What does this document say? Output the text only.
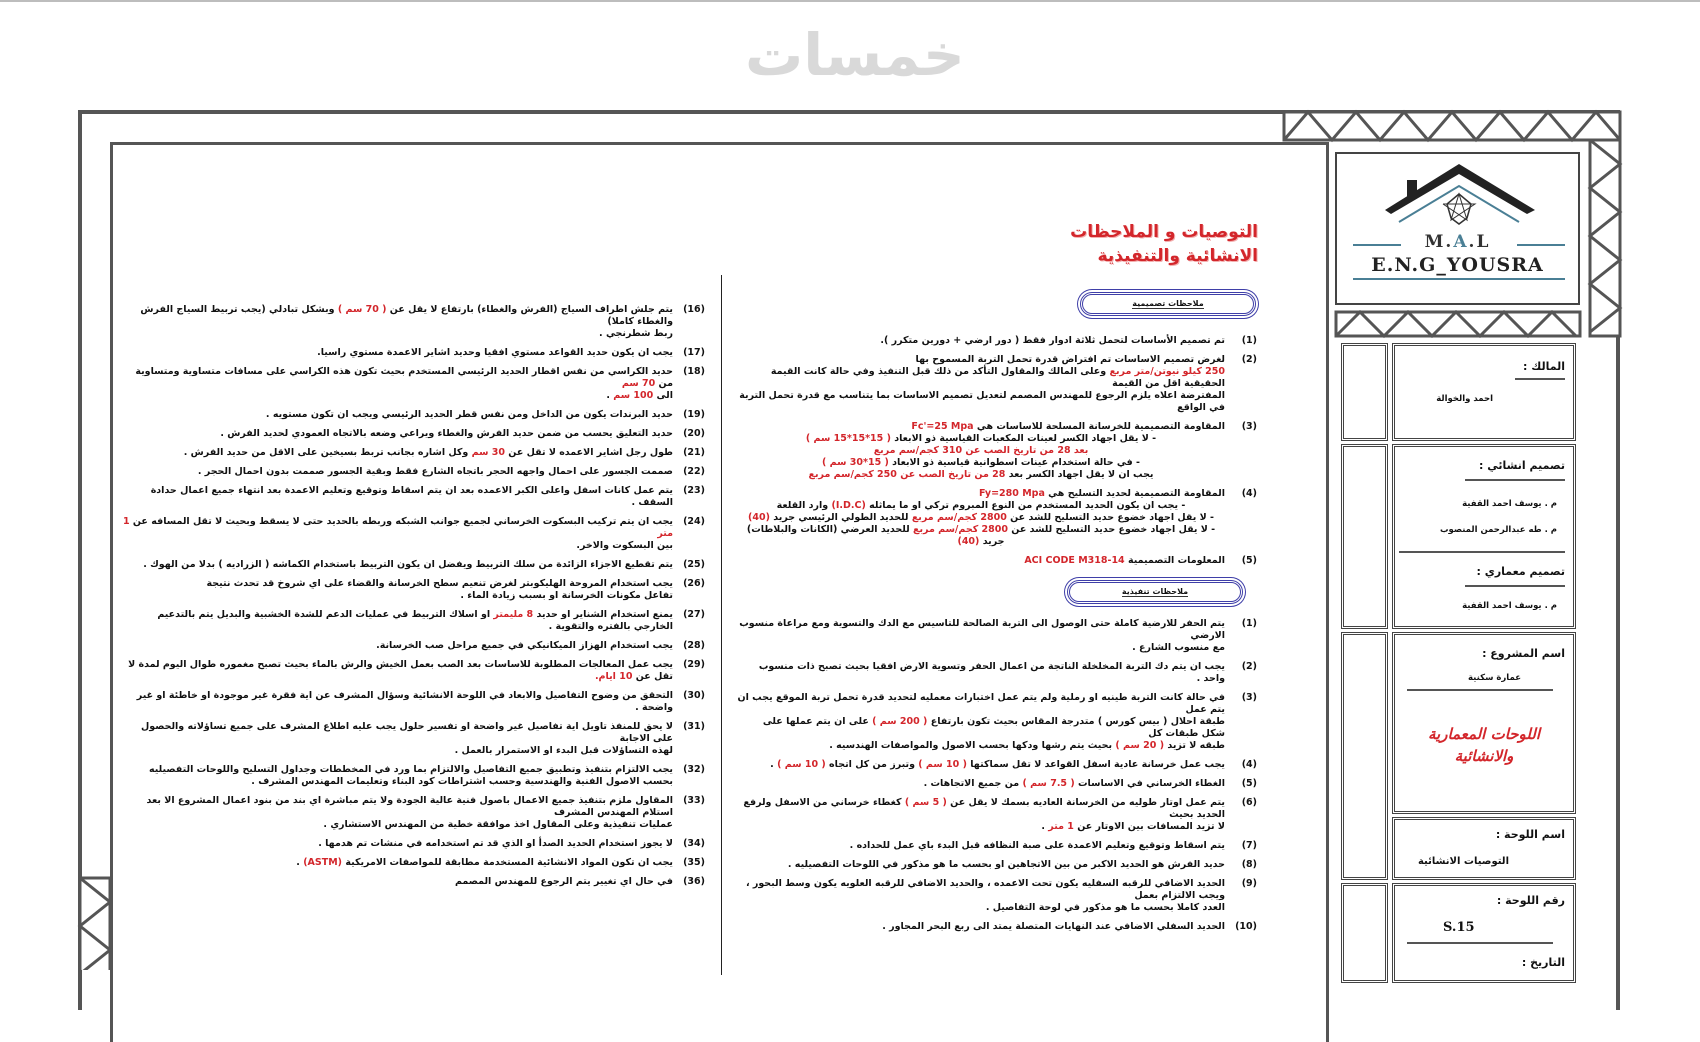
التوصيات و الملاحظات
الانشائية والتنفيذية
ملاحظات تصميمية
(1)
تم تصميم الأساسات لتحمل ثلاثة ادوار فقط ( دور ارضي + دورين متكرر ).
(2)
لغرض تصميم الاساسات تم افتراض قدرة تحمل التربة المسموح بها
250 كيلو نيوتن/متر مربع وعلى المالك والمقاول التأكد من ذلك قبل التنفيذ وفي حالة كانت القيمة الحقيقية اقل من القيمة
المفترضة اعلاه يلزم الرجوع للمهندس المصمم لتعديل تصميم الاساسات بما يتناسب مع قدرة تحمل التربة في الواقع
(3)
المقاومة التصميمية للخرسانة المسلحة للاساسات هي Fc'=25 Mpa
- لا يقل اجهاد الكسر لعينات المكعبات القياسية ذو الابعاد ( 15*15*15 سم )
بعد 28 من تاريخ الصب عن 310 كجم/سم مربع
- في حالة استخدام عينات اسطوانية قياسية ذو الابعاد ( 15*30 سم )
يجب ان لا يقل اجهاد الكسر بعد 28 من تاريخ الصب عن 250 كجم/سم مربع
(4)
المقاومة التصميمية لحديد التسليح هي Fy=280 Mpa
- يجب ان يكون الحديد المستخدم من النوع المبروم تركي او ما يماثله (I.D.C) وارد القلعة
- لا يقل اجهاد خضوع حديد التسليح للشد عن 2800 كجم/سم مربع للحديد الطولي الرئيسي جريد (40)
- لا يقل اجهاد خضوع حديد التسليح للشد عن 2800 كجم/سم مربع للحديد العرضي (الكانات والبلاطات) جريد (40)
(5)
المعلومات التصميمية ACI CODE M318-14
ملاحظات تنفيذية
(1)
يتم الحفر للارضية كاملة حتى الوصول الى التربة الصالحة للتاسيس مع الدك والتسوية ومع مراعاة منسوب الارضي
مع منسوب الشارع .
(2)
يجب ان يتم دك التربة المخلخلة الناتجة من اعمال الحفر وتسوية الارض افقيا بحيث تصبح ذات منسوب واحد .
(3)
في حالة كانت التربة طينيه او رملية ولم يتم عمل اختبارات معمليه لتحديد قدرة تحمل تربة الموقع يجب ان يتم عمل
طبقة احلال ( بيس كورس ) متدرجة المقاس بحيث تكون بارتفاع ( 200 سم ) على ان يتم عملها على شكل طبقات كل
طبقه لا تزيد ( 20 سم ) بحيث يتم رشها ودكها بحسب الاصول والمواصفات الهندسيه .
(4)
يجب عمل خرسانة عادية اسفل القواعد لا تقل سماكتها ( 10 سم ) وتبرز من كل اتجاه ( 10 سم ) .
(5)
الغطاء الخرساني في الاساسات ( 7.5 سم ) من جميع الاتجاهات .
(6)
يتم عمل اوتار طوليه من الخرسانة العاديه بسمك لا يقل عن ( 5 سم ) كغطاء خرساني من الاسفل ولرفع الحديد بحيث
لا تزيد المسافات بين الاوتار عن 1 متر .
(7)
يتم اسقاط وتوقيع وتعليم الاعمدة على صبة النظافه قبل البدء باي عمل للحداده .
(8)
حديد الفرش هو الحديد الاكبر من بين الاتجاهين او بحسب ما هو مذكور في اللوحات التفصيليه .
(9)
الحديد الاضافي للرقبه السفليه يكون تحت الاعمده ، والحديد الاضافي للرقبه العلويه يكون وسط البحور ، ويجب الالتزام بعمل
العدد كاملا بحسب ما هو مذكور في لوحة التفاصيل .
(10)
الحديد السفلي الاضافي عند النهايات المتصلة يمتد الى ربع البحر المجاور .
(16)
يتم جلش اطراف السياج (الفرش والغطاء) بارتفاع لا يقل عن ( 70 سم ) وبشكل تبادلي (يجب تربيط السياج الفرش والغطاء كاملا)
ربط شطرنجي .
(17)
يجب ان يكون حديد القواعد مستوي افقيا وحديد اشاير الاعمدة مستوي راسيا.
(18)
حديد الكراسي من نفس اقطار الحديد الرئيسي المستخدم بحيث تكون هذه الكراسي على مسافات متساوية ومتساوية من 70 سم
الى 100 سم .
(19)
حديد البرندات يكون من الداخل ومن نفس قطر الحديد الرئيسي ويجب ان تكون مستويه .
(20)
حديد التعليق يحسب من ضمن حديد الفرش والغطاء ويراعي وضعه بالاتجاه العمودي لحديد الفرش .
(21)
طول رجل اشاير الاعمده لا تقل عن 30 سم وكل اشاره بجانب تربط بسيخين على الاقل من حديد الفرش .
(22)
صممت الجسور على احمال واجهه الحجر باتجاه الشارع فقط وبقية الجسور صممت بدون احمال الحجر .
(23)
يتم عمل كانات اسفل واعلى الكبر الاعمده بعد ان يتم اسقاط وتوقيع وتعليم الاعمدة بعد انتهاء جميع اعمال حدادة السقف .
(24)
يجب ان يتم تركيب البسكوت الخرساني لجميع جوانب الشبكه وربطه بالحديد حتى لا يسقط وبحيث لا تقل المسافه عن 1 متر
بين البسكوت والاخر.
(25)
يتم تقطيع الاجزاء الزائدة من سلك التربيط ويفضل ان يكون التربيط باستخدام الكماشه ( الزراديه ) بدلا من الهوك .
(26)
يجب استخدام المروحة الهليكوبتر لغرض تنعيم سطح الخرسانة والقضاء على اي شروخ قد تحدث نتيجة
تفاعل مكونات الخرسانة او بسبب زيادة الماء .
(27)
يمنع استخدام الشناير او حديد 8 مليمتر او اسلاك التربيط في عمليات الدعم للشدة الخشبية والبديل يتم بالتدعيم الخارجي بالفتره والتقوية .
(28)
يجب استخدام الهزاز الميكانيكي في جميع مراحل صب الخرسانة.
(29)
يجب عمل المعالجات المطلوبة للاساسات بعد الصب بعمل الخيش والرش بالماء بحيث تصبح مغموره طوال اليوم لمدة لا تقل عن 10 ايام.
(30)
التحقق من وضوح التفاصيل والابعاد في اللوحة الانشائية وسؤال المشرف عن اية فقرة غير موجودة او خاطئة او غير واضحة .
(31)
لا يحق للمنفذ تاويل اية تفاصيل غير واضحة او تفسير حلول يجب عليه اطلاع المشرف على جميع تساؤلاته والحصول على الاجابة
لهذه التساؤلات قبل البدء او الاستمرار بالعمل .
(32)
يجب الالتزام بتنفيذ وتطبيق جميع التفاصيل والالتزام بما ورد في المخططات وجداول التسليح واللوحات التفصيليه
بحسب الاصول الفنية والهندسية وحسب اشتراطات كود البناء وتعليمات المهندس المشرف .
(33)
المقاول ملزم بتنفيذ جميع الاعمال باصول فنية عالية الجودة ولا يتم مباشرة اي بند من بنود اعمال المشروع الا بعد استلام المهندس المشرف
عمليات تنفيذية وعلى المقاول اخذ موافقة خطية من المهندس الاستشاري .
(34)
لا يجوز استخدام الحديد الصدأ او الذي قد تم استخدامه في منشات تم هدمها .
(35)
يجب ان تكون المواد الانشائية المستخدمة مطابقة للمواصفات الامريكية (ASTM) .
(36)
في حال اي تغيير يتم الرجوع للمهندس المصمم
M.A.L
E.N.G_YOUSRA
المالك :
احمد والخوالة
تصميم انشائي :
م . يوسف احمد القفية
م . طه عبدالرحمن المنصوب
تصميم معماري :
م . يوسف احمد القفية
اسم المشروع :
عمارة سكنية
اللوحات المعمارية
والانشائية
اسم اللوحة :
التوصيات الانشائية
رقم اللوحة :
S.15
التاريخ :
خمسات
